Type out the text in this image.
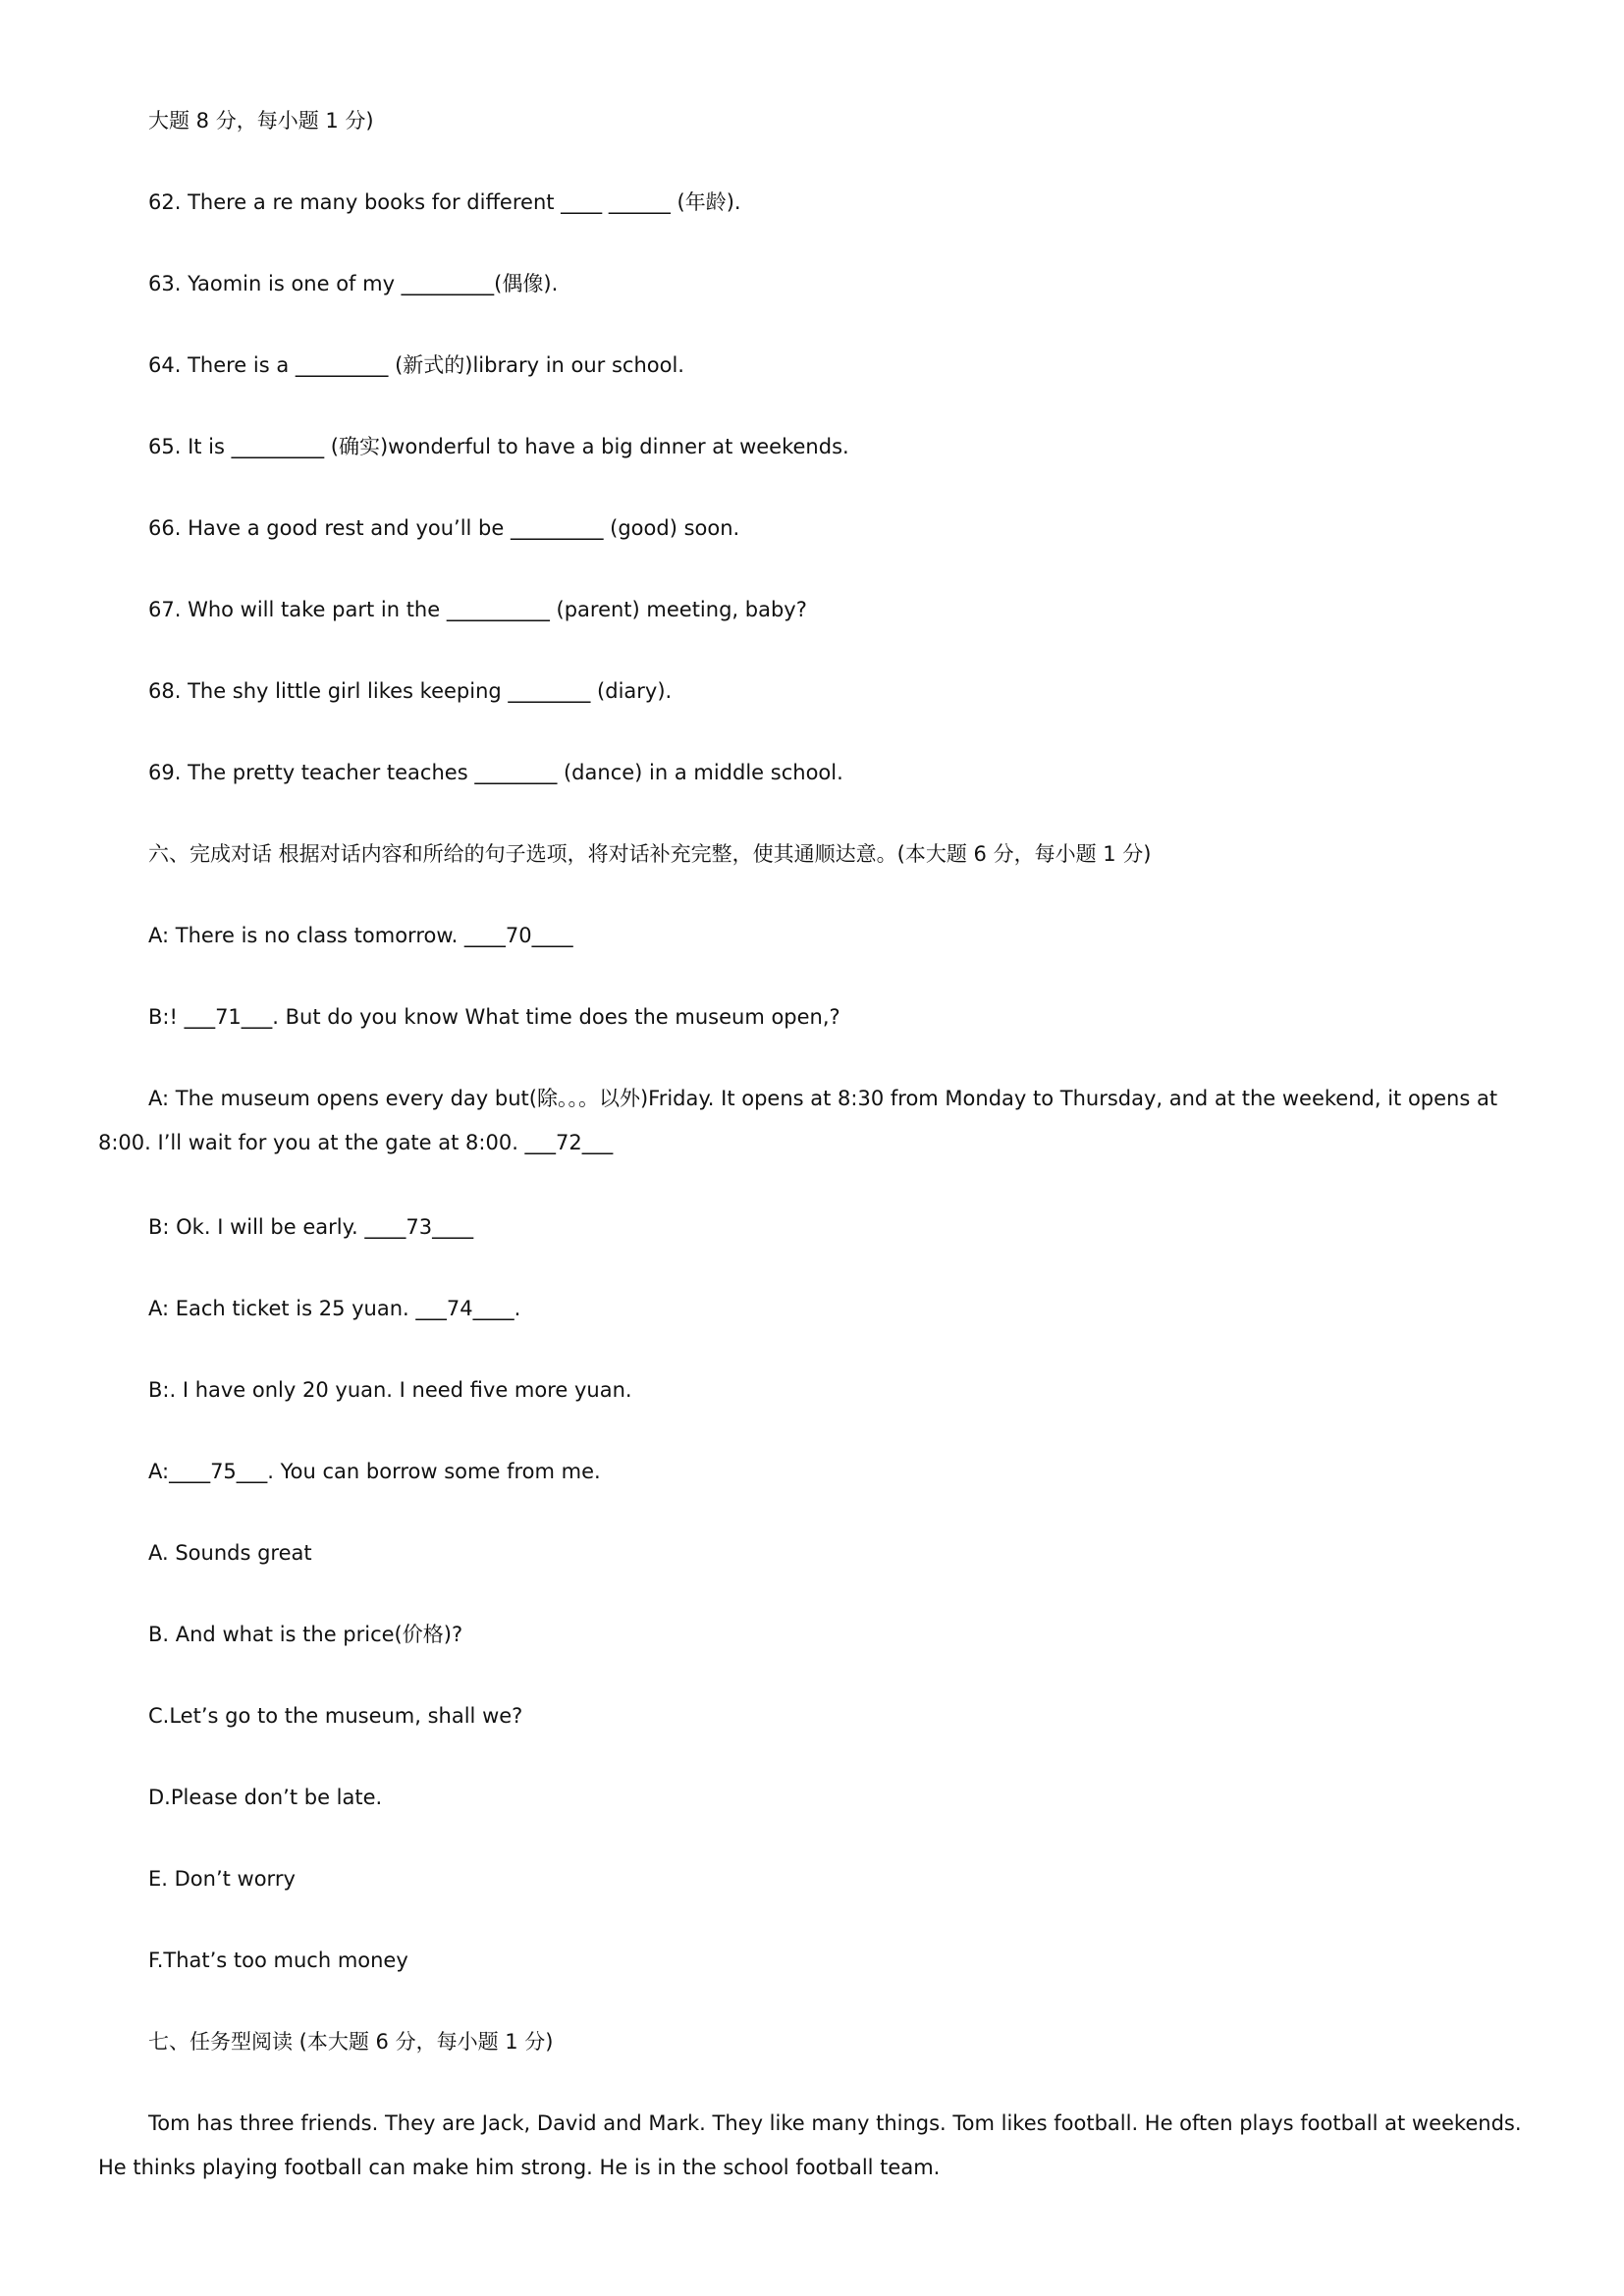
大题 8 分，每小题 1 分)
62. There a re many books for different ____ ______ (年龄).
63. Yaomin is one of my _________(偶像).
64. There is a _________ (新式的)library in our school.
65. It is _________ (确实)wonderful to have a big dinner at weekends.
66. Have a good rest and you’ll be _________ (good) soon.
67. Who will take part in the __________ (parent) meeting, baby?
68. The shy little girl likes keeping ________ (diary).
69. The pretty teacher teaches ________ (dance) in a middle school.
六、完成对话 根据对话内容和所给的句子选项，将对话补充完整，使其通顺达意。(本大题 6 分，每小题 1 分)
A: There is no class tomorrow. ____70____
B:! ___71___. But do you know What time does the museum open,?
A: The museum opens every day but(除。。。以外)Friday. It opens at 8:30 from Monday to Thursday, and at the weekend, it opens at 8:00. I’ll wait for you at the gate at 8:00. ___72___
B: Ok. I will be early. ____73____
A: Each ticket is 25 yuan. ___74____.
B:. I have only 20 yuan. I need five more yuan.
A:____75___. You can borrow some from me.
A. Sounds great
B. And what is the price(价格)?
C.Let’s go to the museum, shall we?
D.Please don’t be late.
E. Don’t worry
F.That’s too much money
七、任务型阅读 (本大题 6 分，每小题 1 分)
Tom has three friends. They are Jack, David and Mark. They like many things. Tom likes football. He often plays football at weekends. He thinks playing football can make him strong. He is in the school football team.
